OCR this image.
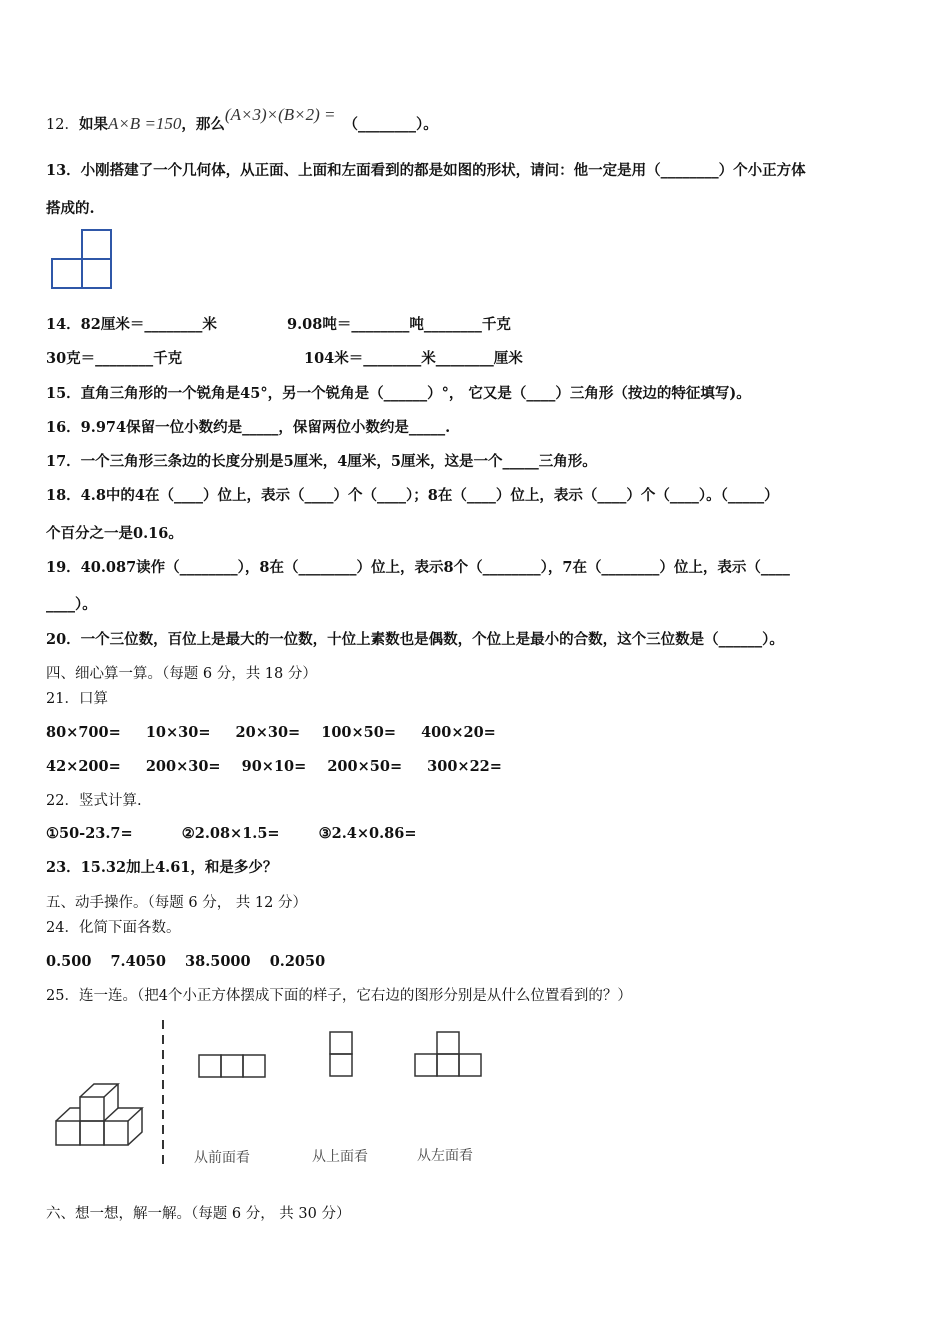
12．如果A×B =150，那么(A×3)×(B×2) =（________）。
13．小刚搭建了一个几何体，从正面、上面和左面看到的都是如图的形状，请问：他一定是用（________）个小正方体
搭成的.
14．82厘米＝________米	9.08吨＝________吨________千克
30克＝________千克	104米＝________米________厘米
15．直角三角形的一个锐角是45°，另一个锐角是（______）°， 它又是（____）三角形（按边的特征填写)。
16．9.974保留一位小数约是_____，保留两位小数约是_____.
17．一个三角形三条边的长度分别是5厘米，4厘米，5厘米，这是一个_____三角形。
18．4.8中的4在（____）位上，表示（____）个（____）；8在（____）位上，表示（____）个（____）。（_____）
个百分之一是0.16。
19．40.087读作（________），8在（________）位上，表示8个（________），7在（________）位上，表示（____
____）。
20．一个三位数，百位上是最大的一位数，十位上素数也是偶数，个位上是最小的合数，这个三位数是（______）。
四、细心算一算。（每题 6 分，共 18 分）
21．口算
80×700= 10×30= 20×30= 100×50= 400×20=
42×200= 200×30= 90×10= 200×50= 300×22=
22．竖式计算.
①50-23.7=	②2.08×1.5=	③2.4×0.86=
23．15.32加上4.61，和是多少？
五、动手操作。（每题 6 分， 共 12 分）
24．化简下面各数。
0.500 7.4050 38.5000 0.2050
25．连一连。（把4个小正方体摆成下面的样子，它右边的图形分别是从什么位置看到的？）
从前面看	从上面看	从左面看
六、想一想，解一解。（每题 6 分， 共 30 分）
